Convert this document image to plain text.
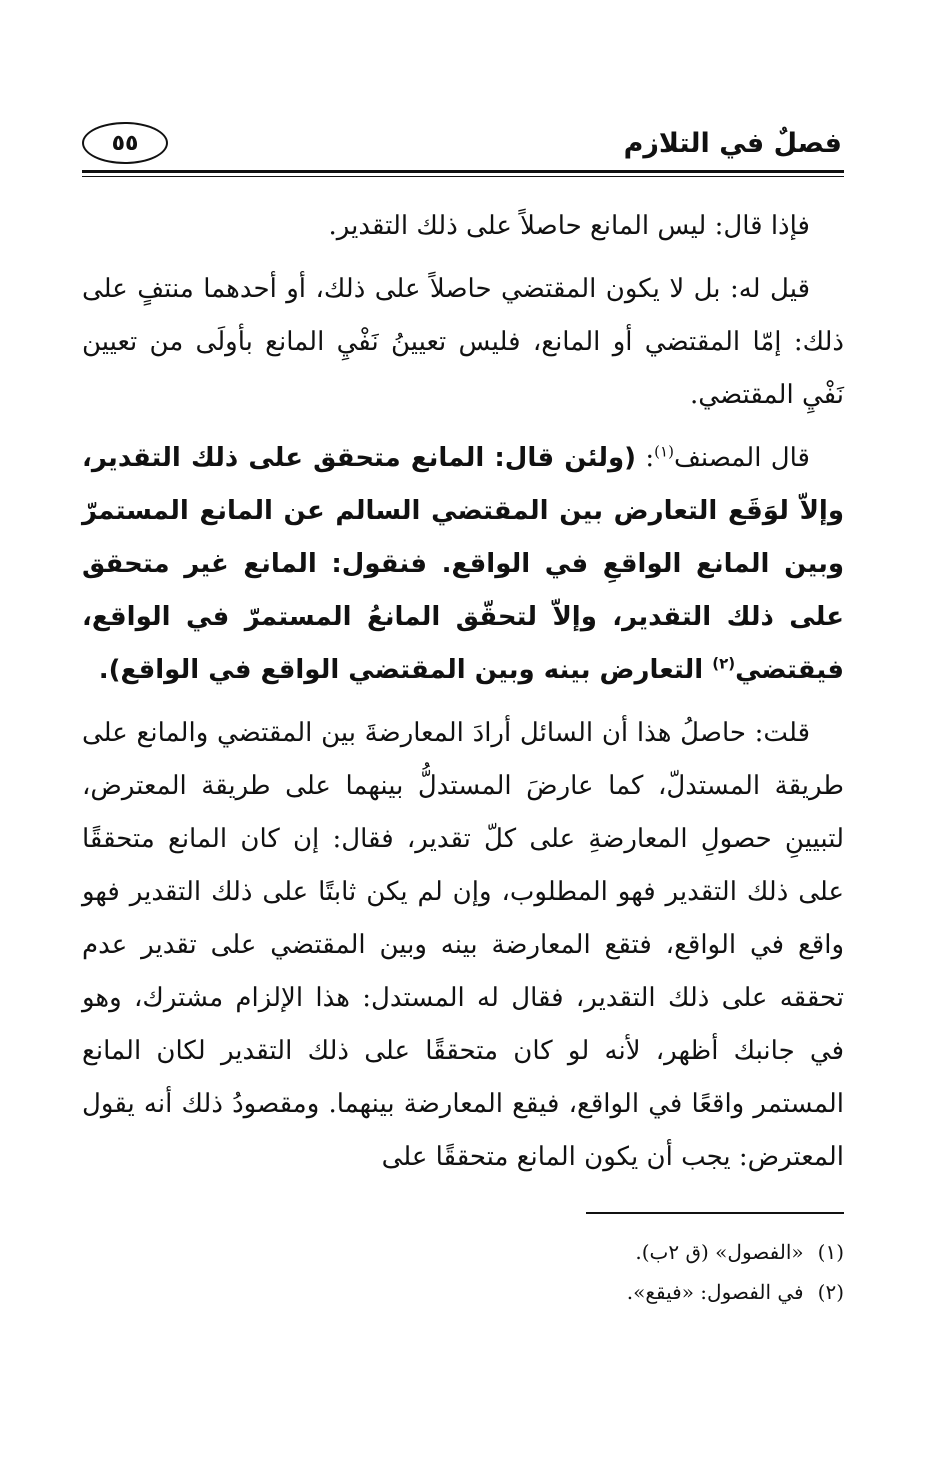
فصلٌ في التلازم
٥٥

فإذا قال: ليس المانع حاصلاً على ذلك التقدير.

قيل له: بل لا يكون المقتضي حاصلاً على ذلك، أو أحدهما منتفٍ على ذلك: إمّا المقتضي أو المانع، فليس تعيينُ نَفْيِ المانع بأولَى من تعيين نَفْيِ المقتضي.

قال المصنف$^{(١)}$: (ولئن قال: المانع متحقق على ذلك التقدير، وإلاّ لوَقَع التعارض بين المقتضي السالم عن المانع المستمرّ وبين المانع الواقعِ في الواقع. فنقول: المانع غير متحقق على ذلك التقدير، وإلاّ لتحقّق المانعُ المستمرّ في الواقع، فيقتضي$^{(٢)}$ التعارض بينه وبين المقتضي الواقع في الواقع).

قلت: حاصلُ هذا أن السائل أرادَ المعارضةَ بين المقتضي والمانع على طريقة المستدلّ، كما عارضَ المستدلُّ بينهما على طريقة المعترض، لتبيينِ حصولِ المعارضةِ على كلّ تقدير، فقال: إن كان المانع متحققًا على ذلك التقدير فهو المطلوب، وإن لم يكن ثابتًا على ذلك التقدير فهو واقع في الواقع، فتقع المعارضة بينه وبين المقتضي على تقدير عدم تحققه على ذلك التقدير، فقال له المستدل: هذا الإلزام مشترك، وهو في جانبك أظهر، لأنه لو كان متحققًا على ذلك التقدير لكان المانع المستمر واقعًا في الواقع، فيقع المعارضة بينهما. ومقصودُ ذلك أنه يقول المعترض: يجب أن يكون المانع متحققًا على

(١)
«الفصول» (ق ٢ب).
(٢)
في الفصول: «فيقع».
